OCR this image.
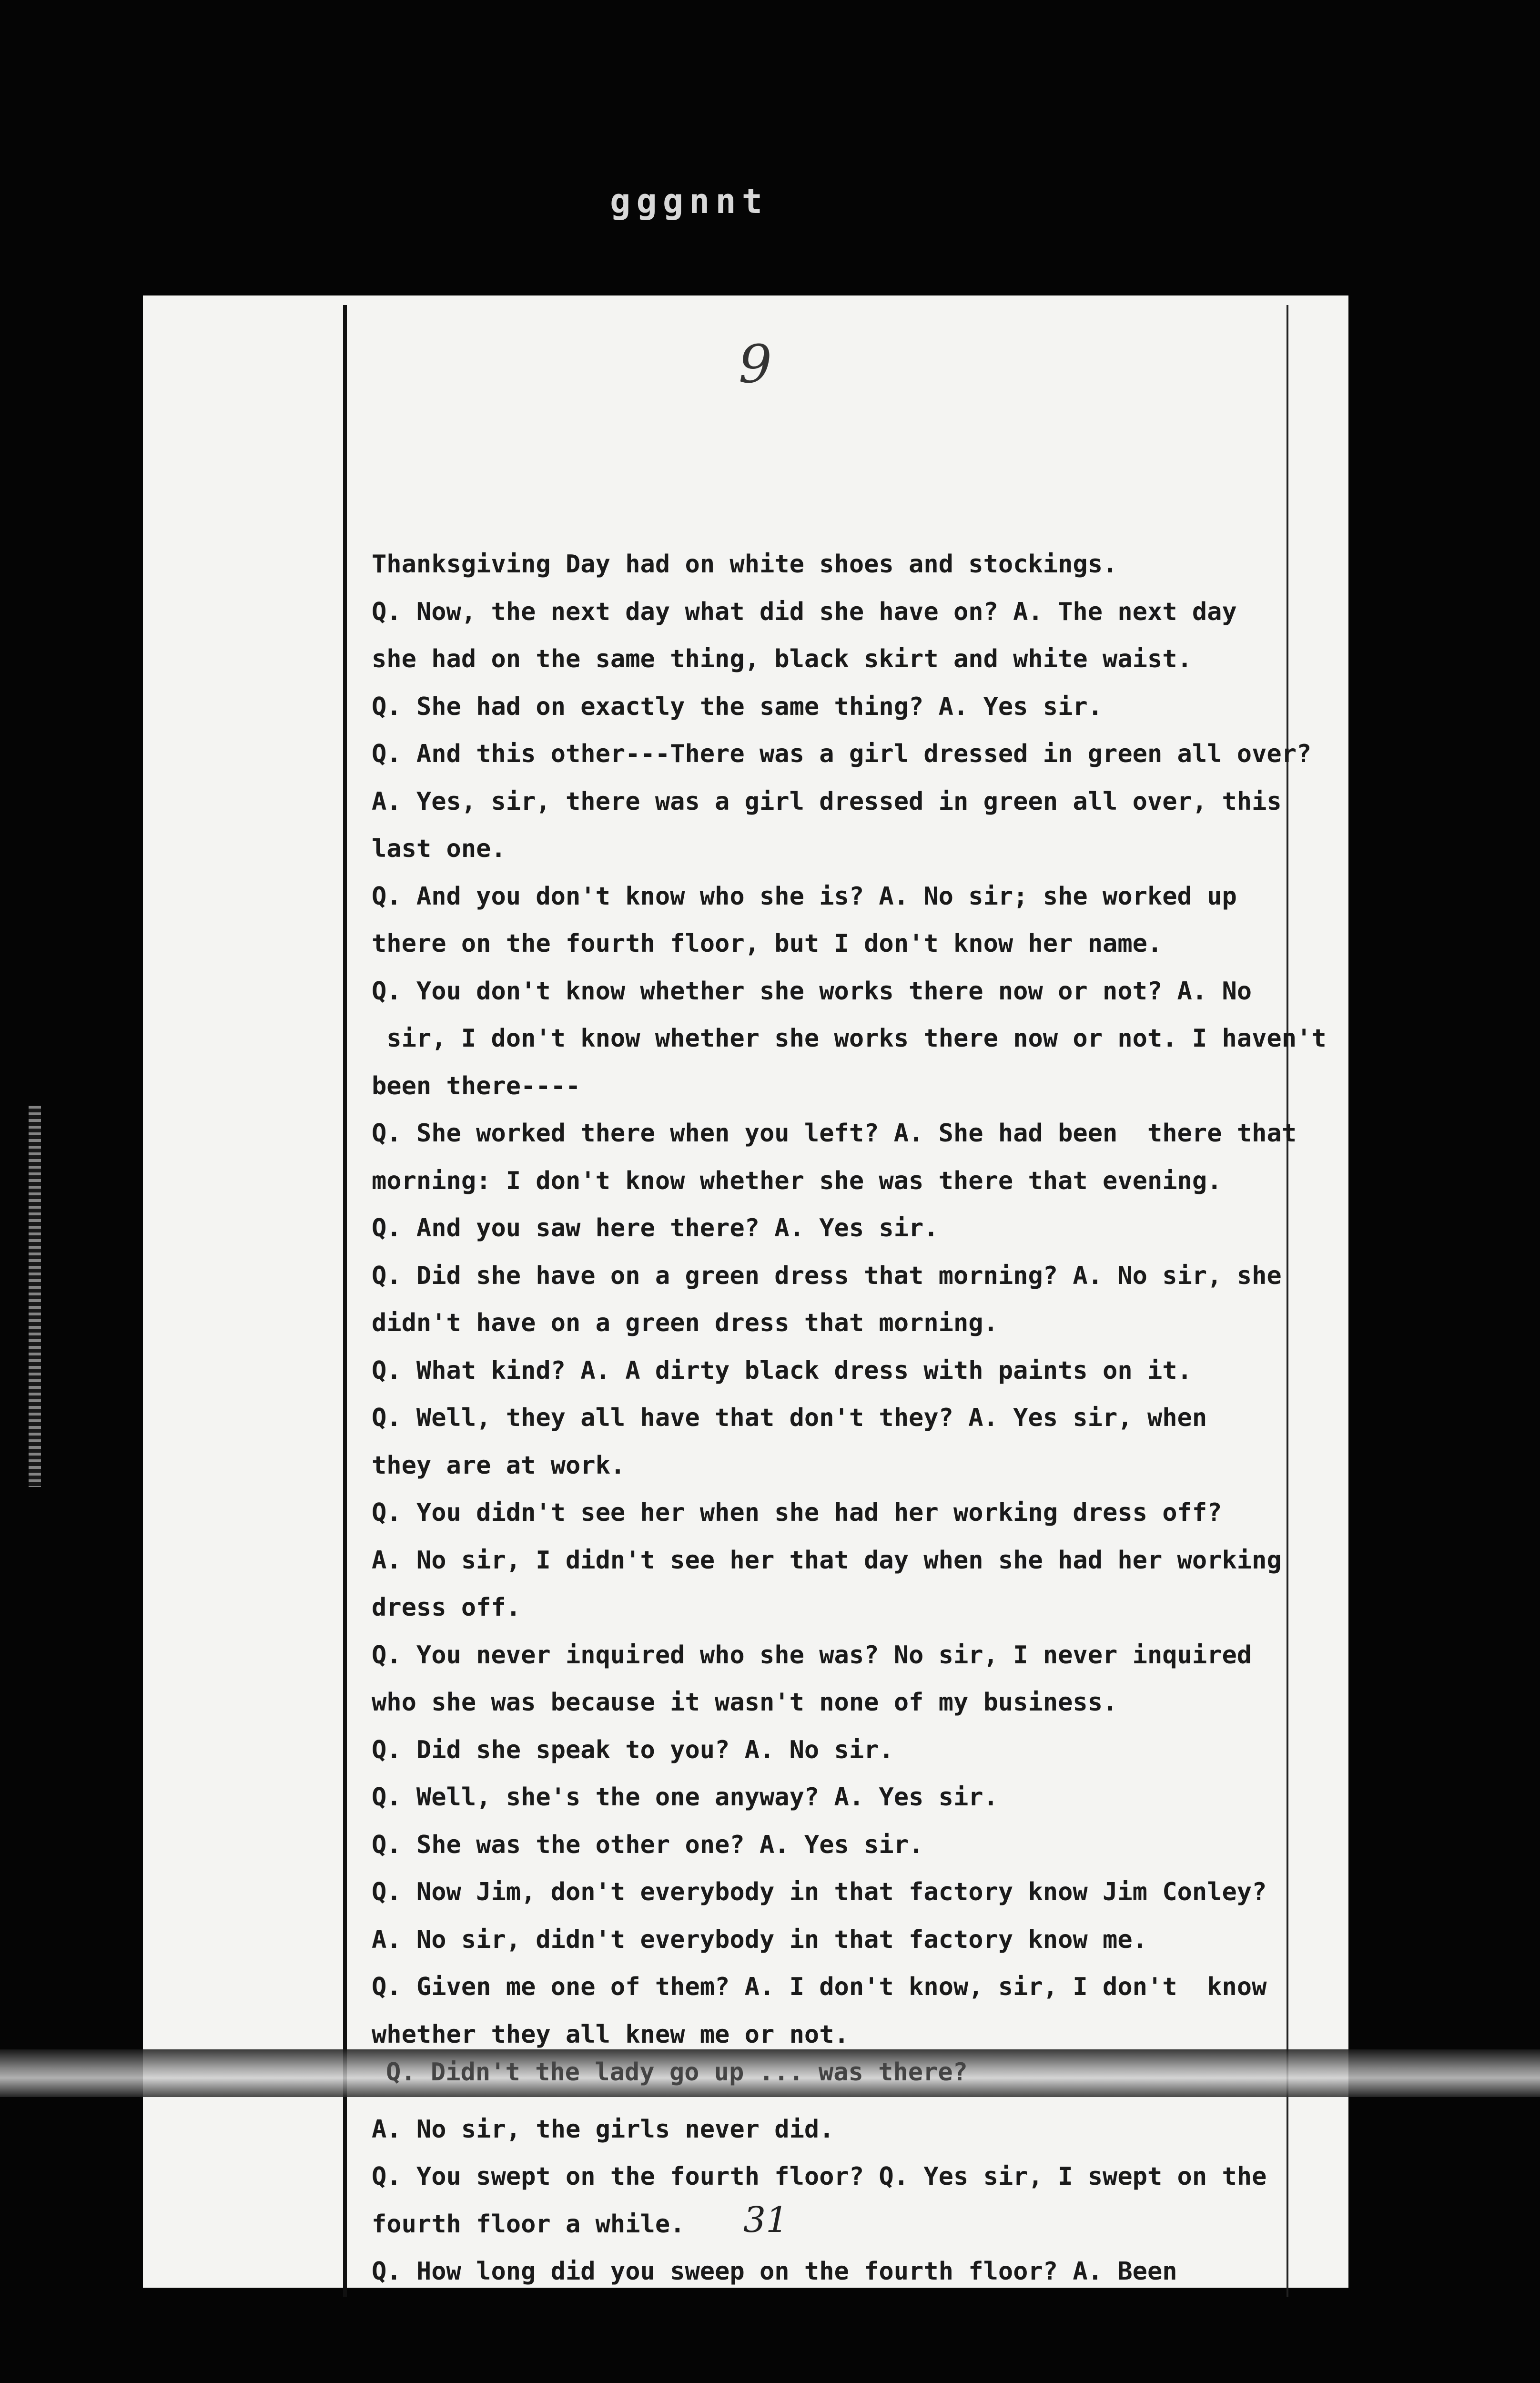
gggnnt
9
Thanksgiving Day had on white shoes and stockings.
Q. Now, the next day what did she have on? A. The next day
she had on the same thing, black skirt and white waist.
Q. She had on exactly the same thing? A. Yes sir.
Q. And this other---There was a girl dressed in green all over?
A. Yes, sir, there was a girl dressed in green all over, this
last one.
Q. And you don't know who she is? A. No sir; she worked up
there on the fourth floor, but I don't know her name.
Q. You don't know whether she works there now or not? A. No
sir, I don't know whether she works there now or not. I haven't
been there----
Q. She worked there when you left? A. She had been  there that
morning: I don't know whether she was there that evening.
Q. And you saw here there? A. Yes sir.
Q. Did she have on a green dress that morning? A. No sir, she
didn't have on a green dress that morning.
Q. What kind? A. A dirty black dress with paints on it.
Q. Well, they all have that don't they? A. Yes sir, when
they are at work.
Q. You didn't see her when she had her working dress off?
A. No sir, I didn't see her that day when she had her working
dress off.
Q. You never inquired who she was? No sir, I never inquired
who she was because it wasn't none of my business.
Q. Did she speak to you? A. No sir.
Q. Well, she's the one anyway? A. Yes sir.
Q. She was the other one? A. Yes sir.
Q. Now Jim, don't everybody in that factory know Jim Conley?
A. No sir, didn't everybody in that factory know me.
Q. Given me one of them? A. I don't know, sir, I don't  know
whether they all knew me or not.
A. No sir, the girls never did.
Q. You swept on the fourth floor? Q. Yes sir, I swept on the
fourth floor a while.
Q. How long did you sweep on the fourth floor? A. Been
Q. Didn't the lady go up ... was there?
31
